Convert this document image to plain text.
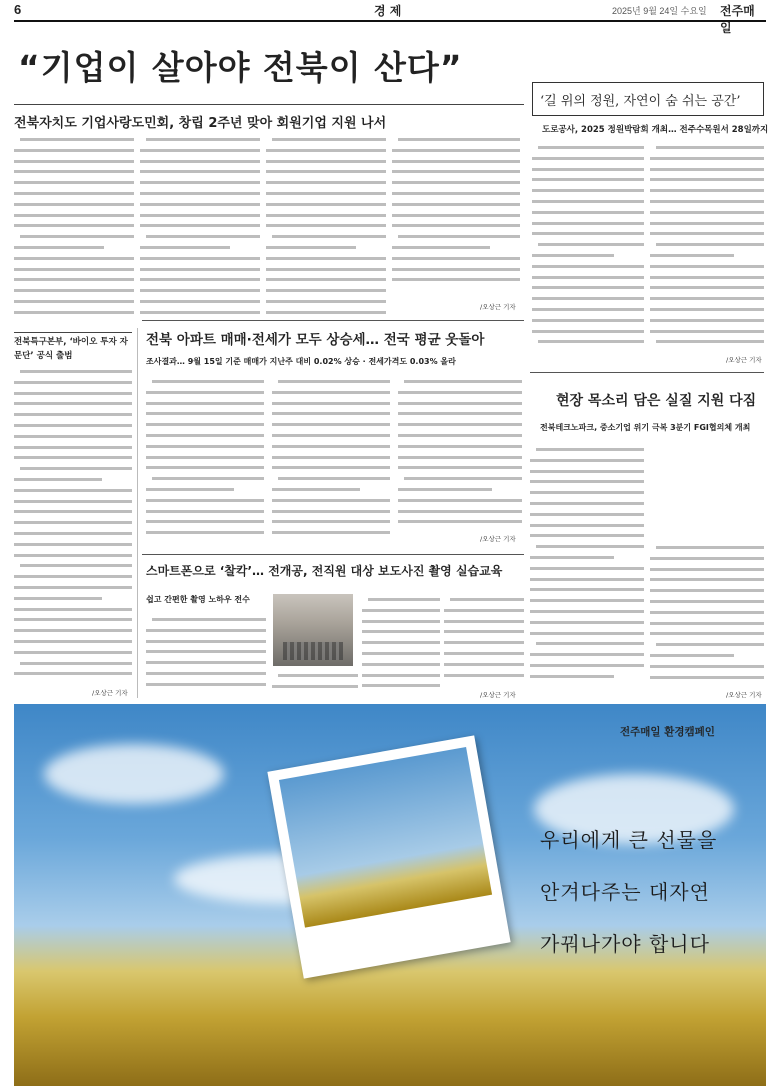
6	경 제	2025년 9월 24일 수요일 전주매일
“기업이 살아야 전북이 산다”
전북자치도 기업사랑도민회, 창립 2주년 맞아 회원기업 지원 나서
/오상근 기자
‘길 위의 정원, 자연이 숨 쉬는 공간’
도로공사, 2025 정원박람회 개최… 전주수목원서 28일까지
/오상근 기자
전북특구본부, ‘바이오 투자 자문단’ 공식 출범
/오상근 기자
전북 아파트 매매·전세가 모두 상승세… 전국 평균 웃돌아
조사결과… 9월 15일 기준 매매가 지난주 대비 0.02% 상승 · 전세가격도 0.03% 올라
/오상근 기자
현장 목소리 담은 실질 지원 다짐
전북테크노파크, 중소기업 위기 극복 3분기 FGI협의체 개최
/오상근 기자
스마트폰으로 ‘찰칵’… 전개공, 전직원 대상 보도사진 촬영 실습교육
쉽고 간편한 촬영 노하우 전수
/오상근 기자
전주매일 환경캠페인
우리에게 큰 선물을
안겨다주는 대자연
가꿔나가야 합니다
